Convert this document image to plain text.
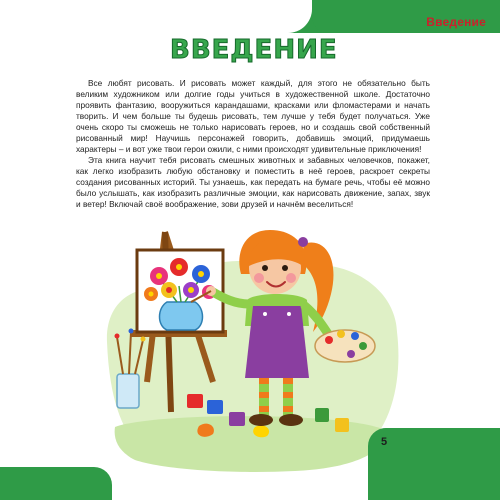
Введение
ВВЕДЕНИЕ

Все любят рисовать. И рисовать может каждый, для этого не обязательно быть великим художником или долгие годы учиться в художественной школе. Достаточно проявить фантазию, вооружиться карандашами, красками или фломастерами и начать творить. И чем больше ты будешь рисовать, тем лучше у тебя будет получаться. Уже очень скоро ты сможешь не только нарисовать героев, но и создашь свой собственный рисованный мир! Научишь персонажей говорить, добавишь эмоций, придумаешь характеры – и вот уже твои герои ожили, с ними происходят удивительные приключения!

Эта книга научит тебя рисовать смешных животных и забавных человечков, покажет, как легко изобразить любую обстановку и поместить в неё героев, раскроет секреты создания рисованных историй. Ты узнаешь, как передать на бумаге речь, чтобы её можно было услышать, как изобразить различные эмоции, как нарисовать движение, запах, звук и ветер! Включай своё воображение, зови друзей и начнём веселиться!

5
